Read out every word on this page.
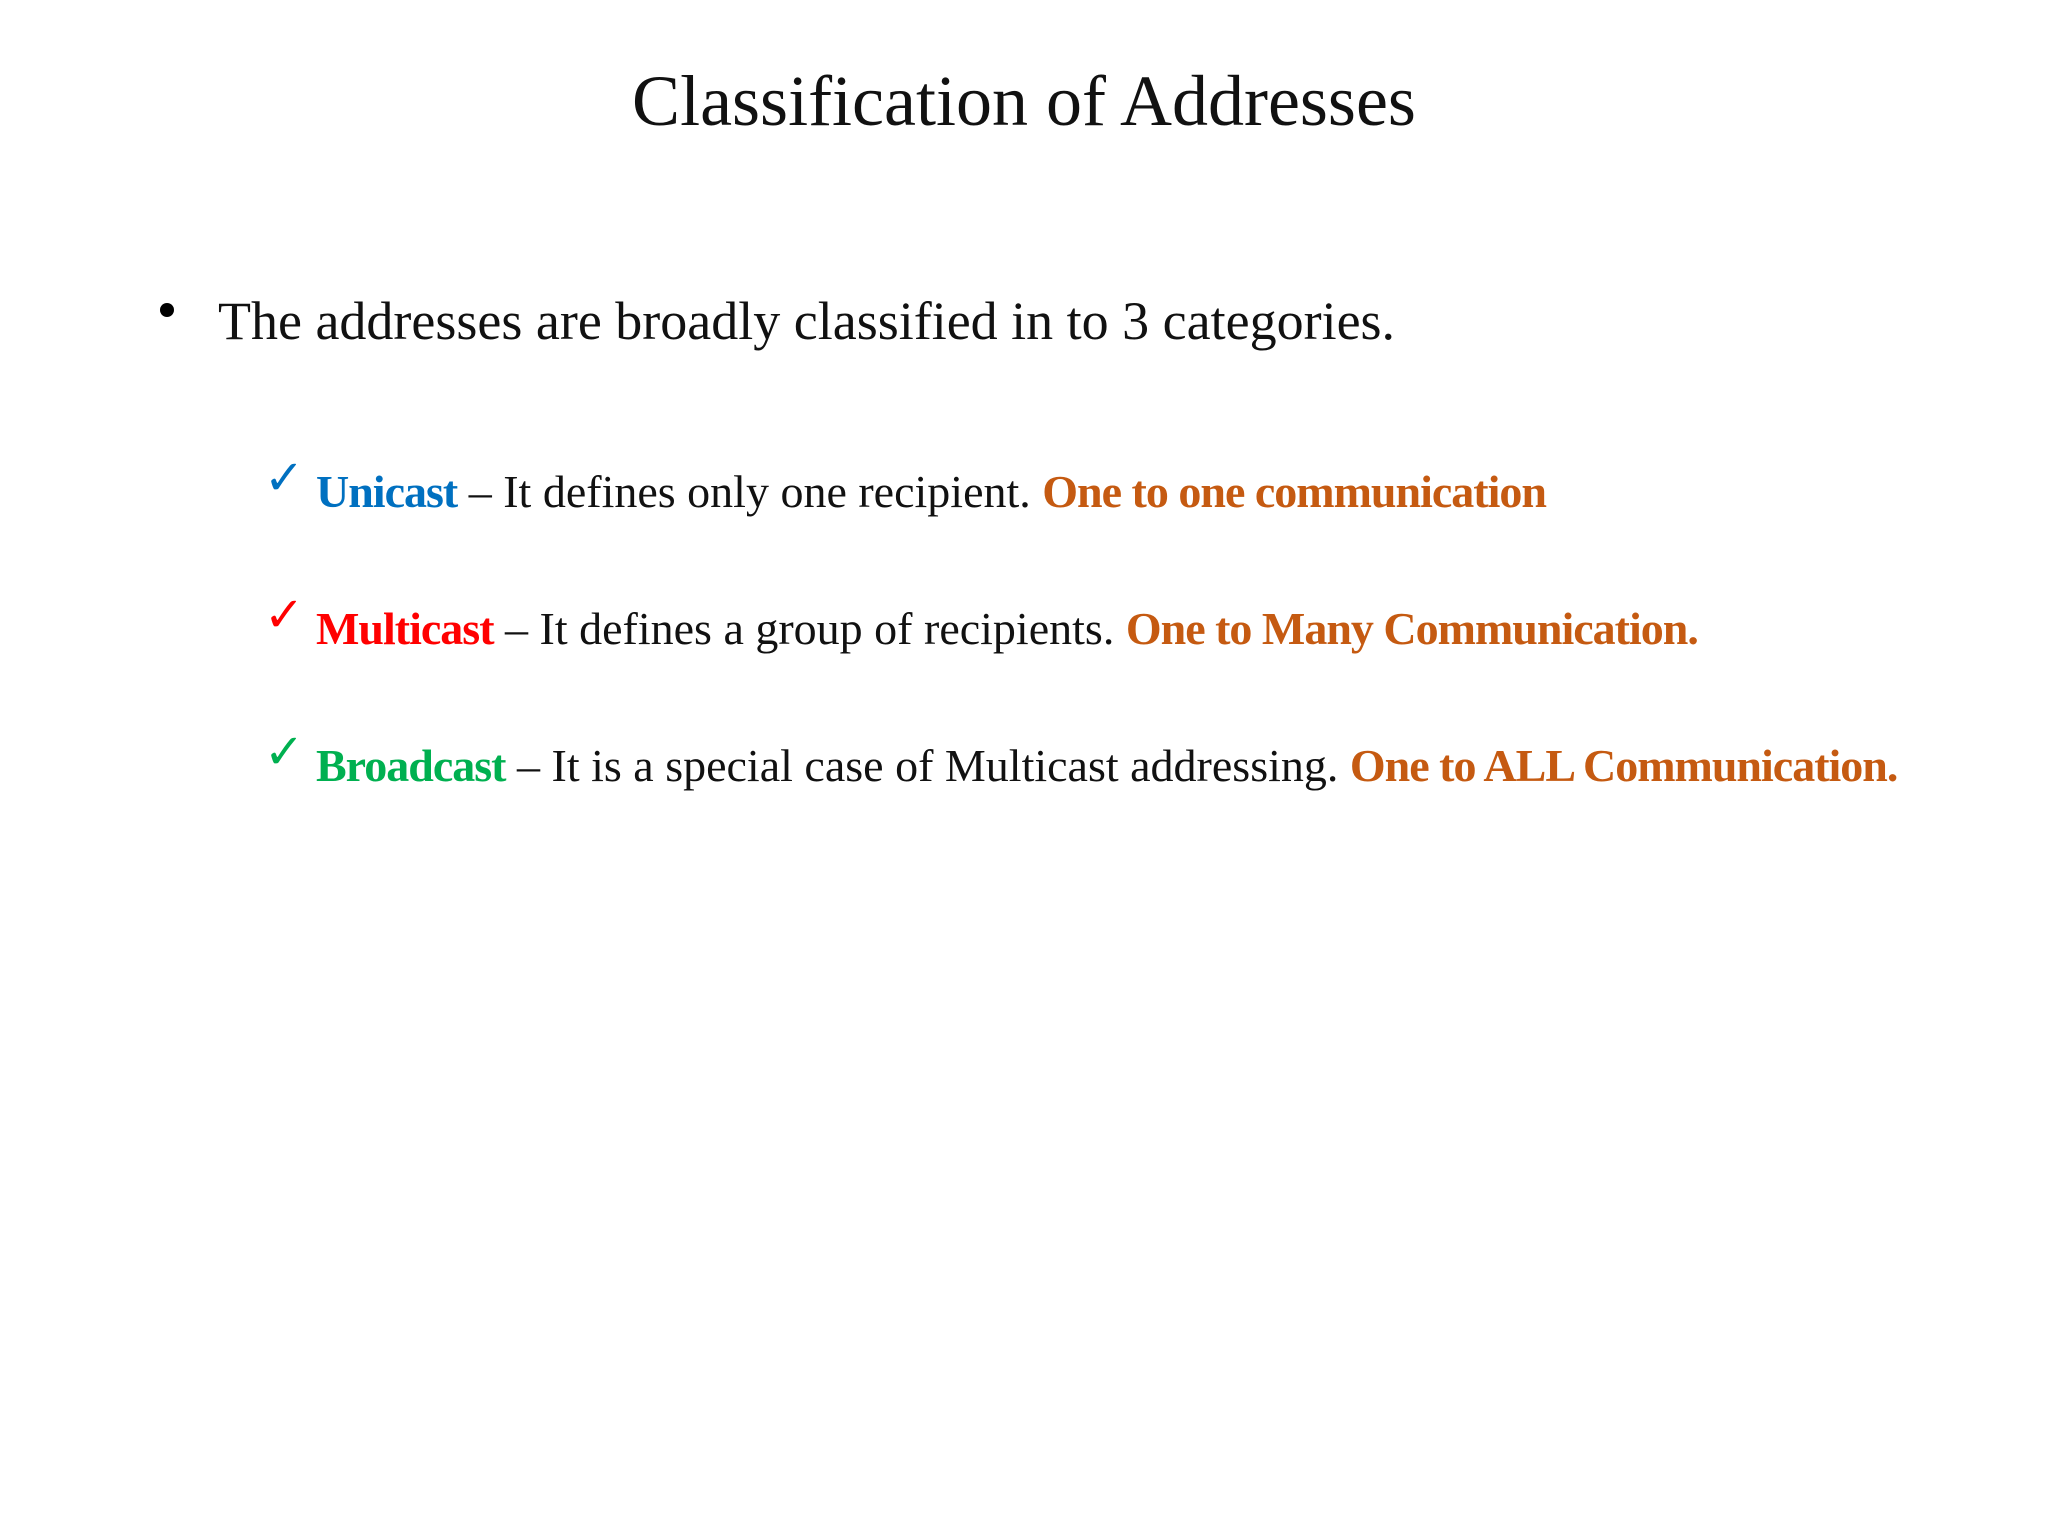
Classification of Addresses
The addresses are broadly classified in to 3 categories.
✓ Unicast – It defines only one recipient. One to one communication
✓ Multicast – It defines a group of recipients. One to Many Communication.
✓ Broadcast – It is a special case of Multicast addressing. One to ALL Communication.
